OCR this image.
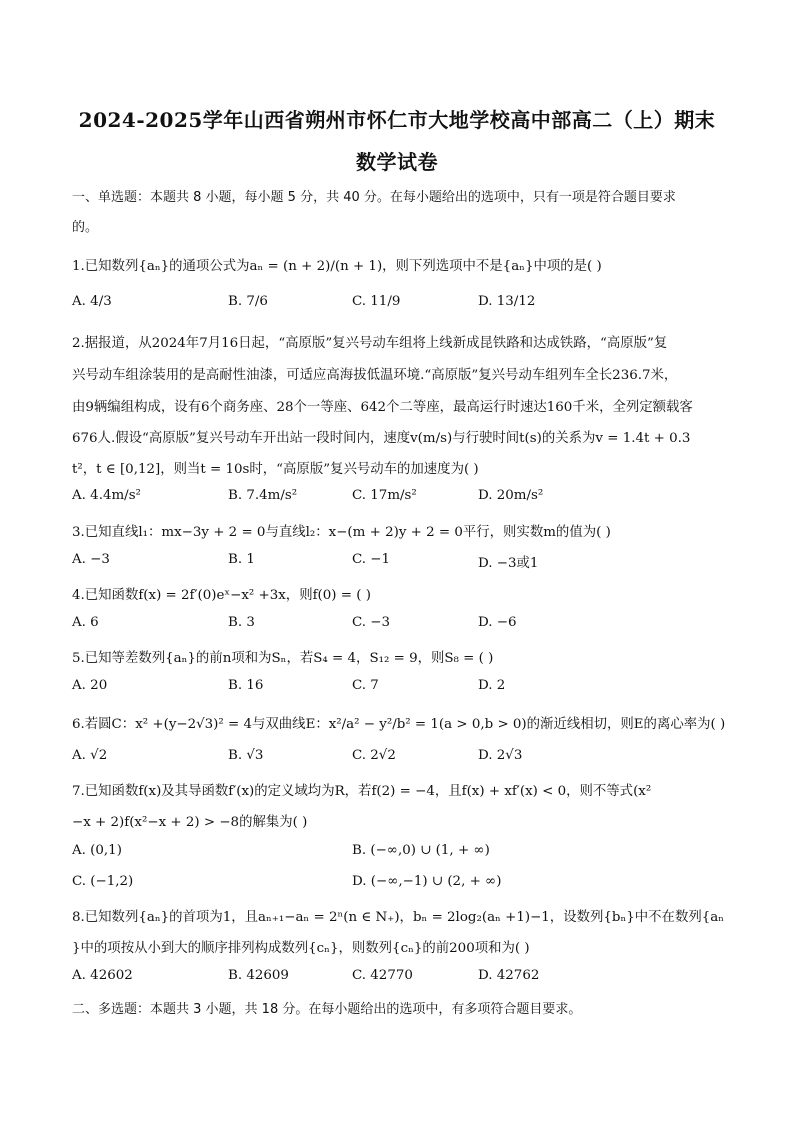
2024-2025学年山西省朔州市怀仁市大地学校高中部高二（上）期末
数学试卷
一、单选题：本题共 8 小题，每小题 5 分，共 40 分。在每小题给出的选项中，只有一项是符合题目要求
的。
1.已知数列{aₙ}的通项公式为aₙ = (n + 2)/(n + 1)，则下列选项中不是{aₙ}中项的是( )
A. 4/3	B. 7/6	C. 11/9	D. 13/12
2.据报道，从2024年7月16日起，“高原版”复兴号动车组将上线新成昆铁路和达成铁路，“高原版”复
兴号动车组涂装用的是高耐性油漆，可适应高海拔低温环境.“高原版”复兴号动车组列车全长236.7米，
由9辆编组构成，设有6个商务座、28个一等座、642个二等座，最高运行时速达160千米，全列定额载客
676人.假设“高原版”复兴号动车开出站一段时间内，速度v(m/s)与行驶时间t(s)的关系为v = 1.4t + 0.3
t²，t ∈ [0,12]，则当t = 10s时，“高原版”复兴号动车的加速度为( )
A. 4.4m/s²	B. 7.4m/s²	C. 17m/s²	D. 20m/s²
3.已知直线l₁：mx−3y + 2 = 0与直线l₂：x−(m + 2)y + 2 = 0平行，则实数m的值为( )
A. −3	B. 1	C. −1	D. −3或1
4.已知函数f(x) = 2f′(0)eˣ−x² +3x，则f(0) = ( )
A. 6	B. 3	C. −3	D. −6
5.已知等差数列{aₙ}的前n项和为Sₙ，若S₄ = 4，S₁₂ = 9，则S₈ = ( )
A. 20	B. 16	C. 7	D. 2
6.若圆C：x² +(y−2√3)² = 4与双曲线E：x²/a² − y²/b² = 1(a > 0,b > 0)的渐近线相切，则E的离心率为( )
A. √2	B. √3	C. 2√2	D. 2√3
7.已知函数f(x)及其导函数f′(x)的定义域均为R，若f(2) = −4，且f(x) + xf′(x) < 0，则不等式(x²
−x + 2)f(x²−x + 2) > −8的解集为( )
A. (0,1)	B. (−∞,0) ∪ (1, + ∞)
C. (−1,2)	D. (−∞,−1) ∪ (2, + ∞)
8.已知数列{aₙ}的首项为1，且aₙ₊₁−aₙ = 2ⁿ(n ∈ N₊)，bₙ = 2log₂(aₙ +1)−1，设数列{bₙ}中不在数列{aₙ
}中的项按从小到大的顺序排列构成数列{cₙ}，则数列{cₙ}的前200项和为( )
A. 42602	B. 42609	C. 42770	D. 42762
二、多选题：本题共 3 小题，共 18 分。在每小题给出的选项中，有多项符合题目要求。
